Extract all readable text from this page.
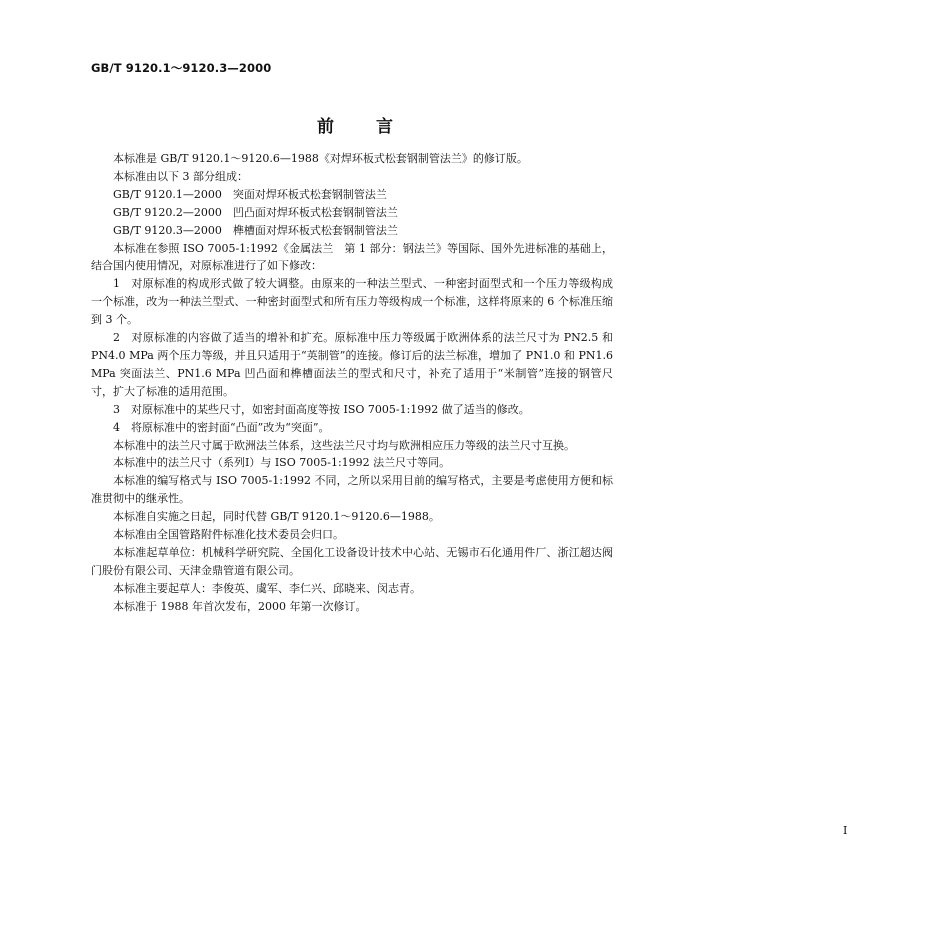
GB/T 9120.1～9120.3—2000
前 言

本标准是 GB/T 9120.1～9120.6—1988《对焊环板式松套钢制管法兰》的修订版。

本标准由以下 3 部分组成：

GB/T 9120.1—2000　突面对焊环板式松套钢制管法兰

GB/T 9120.2—2000　凹凸面对焊环板式松套钢制管法兰

GB/T 9120.3—2000　榫槽面对焊环板式松套钢制管法兰

本标准在参照 ISO 7005-1:1992《金属法兰　第 1 部分：钢法兰》等国际、国外先进标准的基础上，结合国内使用情况，对原标准进行了如下修改：

1　对原标准的构成形式做了较大调整。由原来的一种法兰型式、一种密封面型式和一个压力等级构成一个标准，改为一种法兰型式、一种密封面型式和所有压力等级构成一个标准，这样将原来的 6 个标准压缩到 3 个。

2　对原标准的内容做了适当的增补和扩充。原标准中压力等级属于欧洲体系的法兰尺寸为 PN2.5 和 PN4.0 MPa 两个压力等级，并且只适用于“英制管”的连接。修订后的法兰标准，增加了 PN1.0 和 PN1.6 MPa 突面法兰、PN1.6 MPa 凹凸面和榫槽面法兰的型式和尺寸，补充了适用于“米制管”连接的钢管尺寸，扩大了标准的适用范围。

3　对原标准中的某些尺寸，如密封面高度等按 ISO 7005-1:1992 做了适当的修改。

4　将原标准中的密封面“凸面”改为“突面”。

本标准中的法兰尺寸属于欧洲法兰体系，这些法兰尺寸均与欧洲相应压力等级的法兰尺寸互换。

本标准中的法兰尺寸（系列Ⅰ）与 ISO 7005-1:1992 法兰尺寸等同。

本标准的编写格式与 ISO 7005-1:1992 不同，之所以采用目前的编写格式，主要是考虑使用方便和标准贯彻中的继承性。

本标准自实施之日起，同时代替 GB/T 9120.1～9120.6—1988。

本标准由全国管路附件标准化技术委员会归口。

本标准起草单位：机械科学研究院、全国化工设备设计技术中心站、无锡市石化通用件厂、浙江超达阀门股份有限公司、天津金鼎管道有限公司。

本标准主要起草人：李俊英、虞军、李仁兴、邱晓来、闵志青。

本标准于 1988 年首次发布，2000 年第一次修订。

I
